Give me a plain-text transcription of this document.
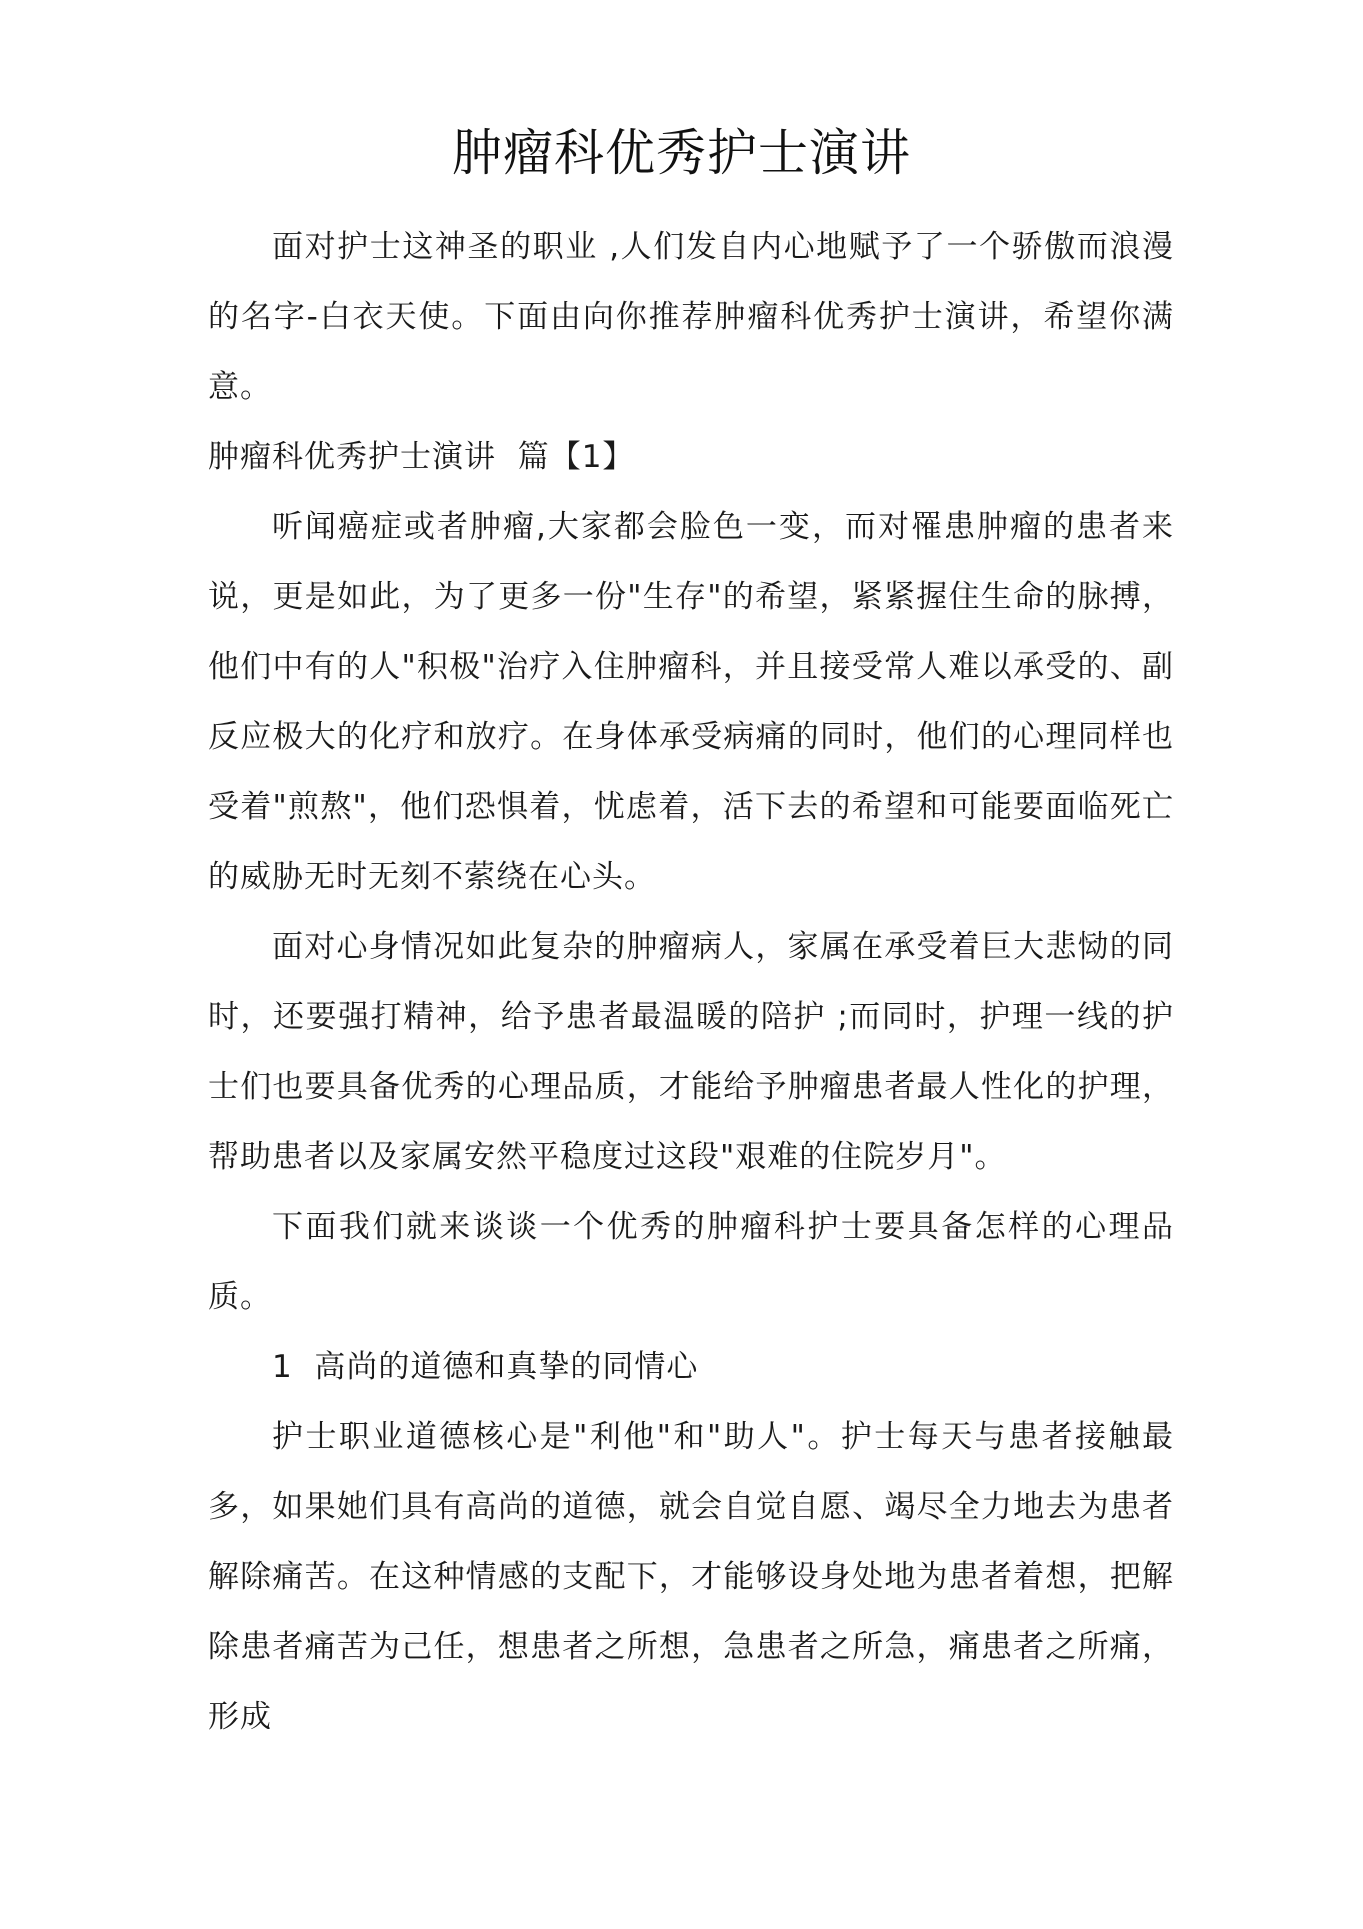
肿瘤科优秀护士演讲

面对护士这神圣的职业 ,人们发自内心地赋予了一个骄傲而浪漫的名字-白衣天使。下面由向你推荐肿瘤科优秀护士演讲，希望你满意。

肿瘤科优秀护士演讲  篇【1】

听闻癌症或者肿瘤,大家都会脸色一变，而对罹患肿瘤的患者来说，更是如此，为了更多一份"生存"的希望，紧紧握住生命的脉搏，他们中有的人"积极"治疗入住肿瘤科，并且接受常人难以承受的、副反应极大的化疗和放疗。在身体承受病痛的同时，他们的心理同样也受着"煎熬"，他们恐惧着，忧虑着，活下去的希望和可能要面临死亡的威胁无时无刻不萦绕在心头。

面对心身情况如此复杂的肿瘤病人，家属在承受着巨大悲恸的同时，还要强打精神，给予患者最温暖的陪护 ;而同时，护理一线的护士们也要具备优秀的心理品质，才能给予肿瘤患者最人性化的护理，帮助患者以及家属安然平稳度过这段"艰难的住院岁月"。

下面我们就来谈谈一个优秀的肿瘤科护士要具备怎样的心理品质。

1  高尚的道德和真挚的同情心

护士职业道德核心是"利他"和"助人"。护士每天与患者接触最多，如果她们具有高尚的道德，就会自觉自愿、竭尽全力地去为患者解除痛苦。在这种情感的支配下，才能够设身处地为患者着想，把解除患者痛苦为己任，想患者之所想，急患者之所急，痛患者之所痛，形成
